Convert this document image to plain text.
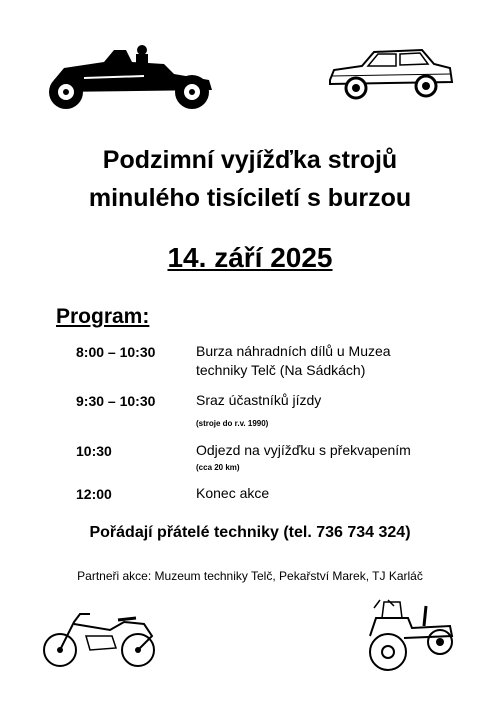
Podzimní vyjížďka strojů
minulého tisíciletí s burzou
14. září 2025
Program:
8:00 – 10:30	Burza náhradních dílů u Muzea
techniky Telč (Na Sádkách)
9:30 – 10:30	Sraz účastníků jízdy
(stroje do r.v. 1990)
10:30	Odjezd na vyjížďku s překvapením
(cca 20 km)
12:00	Konec akce
Pořádají přátelé techniky (tel. 736 734 324)
Partneři akce: Muzeum techniky Telč, Pekařství Marek, TJ Karláč
